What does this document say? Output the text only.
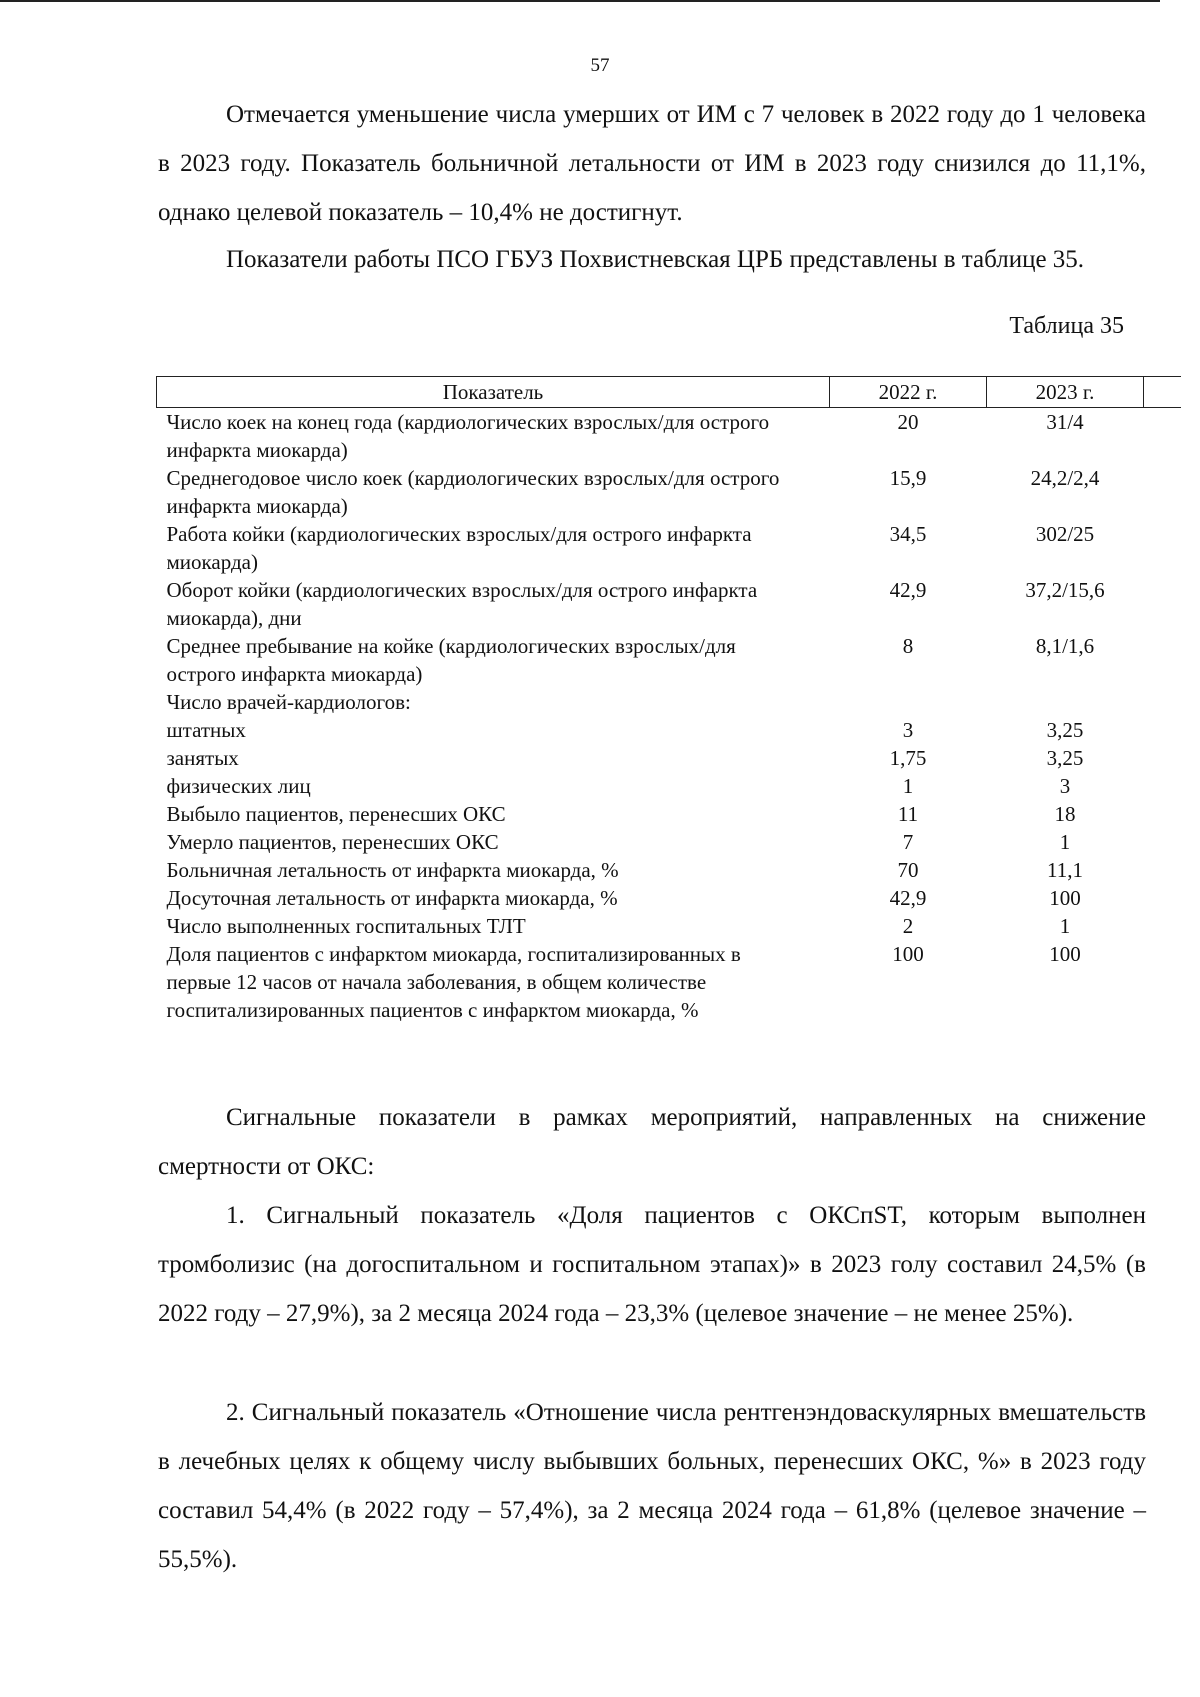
57

Отмечается уменьшение числа умерших от ИМ с 7 человек в 2022 году до 1 человека в 2023 году. Показатель больничной летальности от ИМ в 2023 году снизился до 11,1%, однако целевой показатель – 10,4% не достигнут.

Показатели работы ПСО ГБУЗ Похвистневская ЦРБ представлены в таблице 35.

Таблица 35
Показатель	2022 г.	2023 г.	
Число коек на конец года (кардиологических взрослых/для острого инфаркта миокарда)	20	31/4	
Среднегодовое число коек (кардиологических взрослых/для острого инфаркта миокарда)	15,9	24,2/2,4	
Работа койки (кардиологических взрослых/для острого инфаркта миокарда)	34,5	302/25	
Оборот койки (кардиологических взрослых/для острого инфаркта миокарда), дни	42,9	37,2/15,6	
Среднее пребывание на койке (кардиологических взрослых/для острого инфаркта миокарда)	8	8,1/1,6	
Число врачей-кардиологов:			
штатных	3	3,25	
занятых	1,75	3,25	
физических лиц	1	3	
Выбыло пациентов, перенесших ОКС	11	18	
Умерло пациентов, перенесших ОКС	7	1	
Больничная летальность от инфаркта миокарда, %	70	11,1	
Досуточная летальность от инфаркта миокарда, %	42,9	100	
Число выполненных госпитальных ТЛТ	2	1	
Доля пациентов с инфарктом миокарда, госпитализированных в первые 12 часов от начала заболевания, в общем количестве госпитализированных пациентов с инфарктом миокарда, %	100	100	

Сигнальные показатели в рамках мероприятий, направленных на снижение смертности от ОКС:

1. Сигнальный показатель «Доля пациентов с ОКСпST, которым выполнен тромболизис (на догоспитальном и госпитальном этапах)» в 2023 голу составил 24,5% (в 2022 году – 27,9%), за 2 месяца 2024 года – 23,3% (целевое значение – не менее 25%).

2. Сигнальный показатель «Отношение числа рентгенэндоваскулярных вмешательств в лечебных целях к общему числу выбывших больных, перенесших ОКС, %» в 2023 году составил 54,4% (в 2022 году – 57,4%), за 2 месяца 2024 года – 61,8% (целевое значение – 55,5%).
